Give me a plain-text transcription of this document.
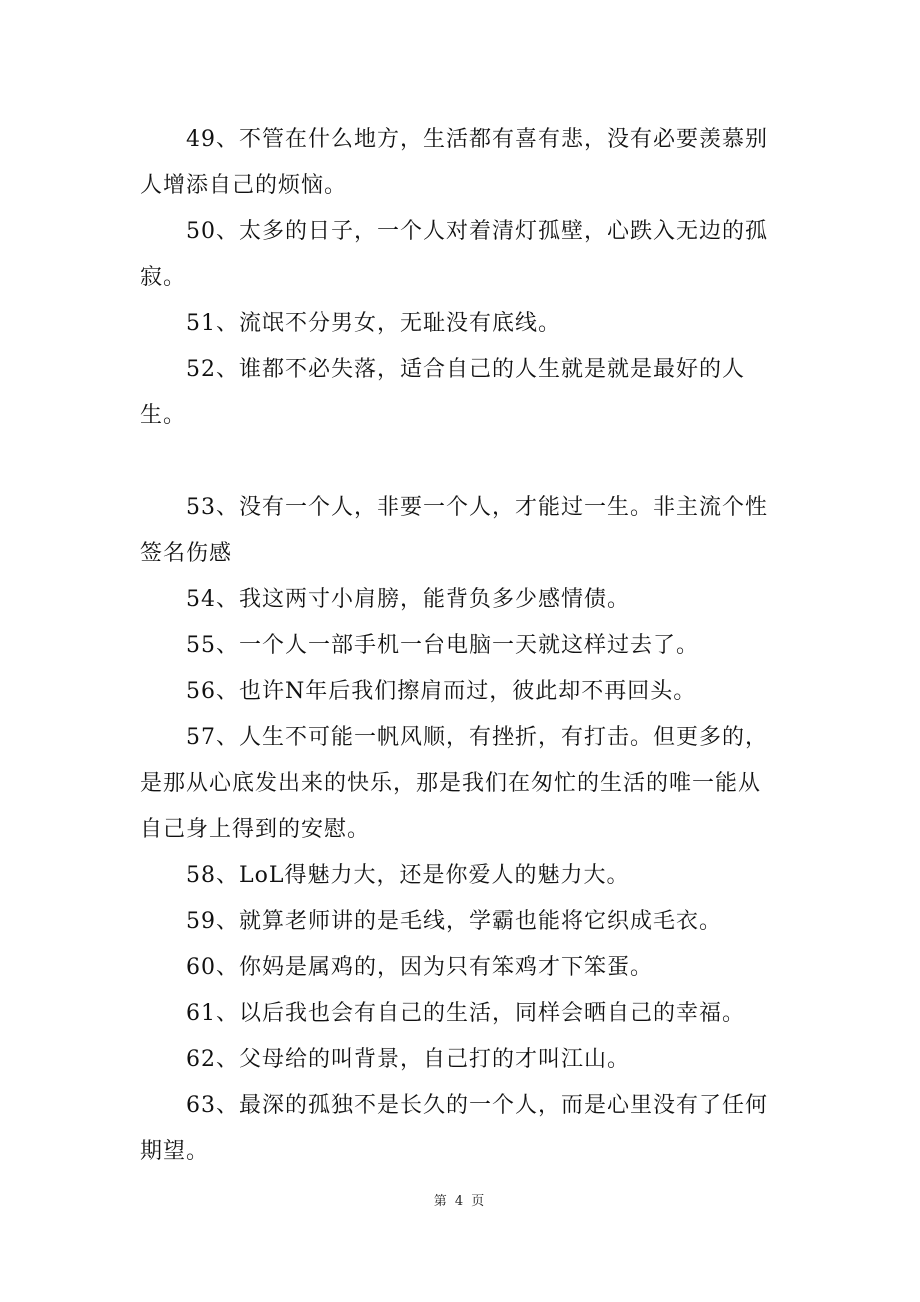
49、不管在什么地方，生活都有喜有悲，没有必要羡慕别人增添自己的烦恼。

50、太多的日子，一个人对着清灯孤壁，心跌入无边的孤寂。

51、流氓不分男女，无耻没有底线。

52、谁都不必失落，适合自己的人生就是就是最好的人生。

53、没有一个人，非要一个人，才能过一生。非主流个性签名伤感

54、我这两寸小肩膀，能背负多少感情债。

55、一个人一部手机一台电脑一天就这样过去了。

56、也许N年后我们擦肩而过，彼此却不再回头。

57、人生不可能一帆风顺，有挫折，有打击。但更多的，是那从心底发出来的快乐，那是我们在匆忙的生活的唯一能从自己身上得到的安慰。

58、LoL得魅力大，还是你爱人的魅力大。

59、就算老师讲的是毛线，学霸也能将它织成毛衣。

60、你妈是属鸡的，因为只有笨鸡才下笨蛋。

61、以后我也会有自己的生活，同样会晒自己的幸福。

62、父母给的叫背景，自己打的才叫江山。

63、最深的孤独不是长久的一个人，而是心里没有了任何期望。

第 4 页
